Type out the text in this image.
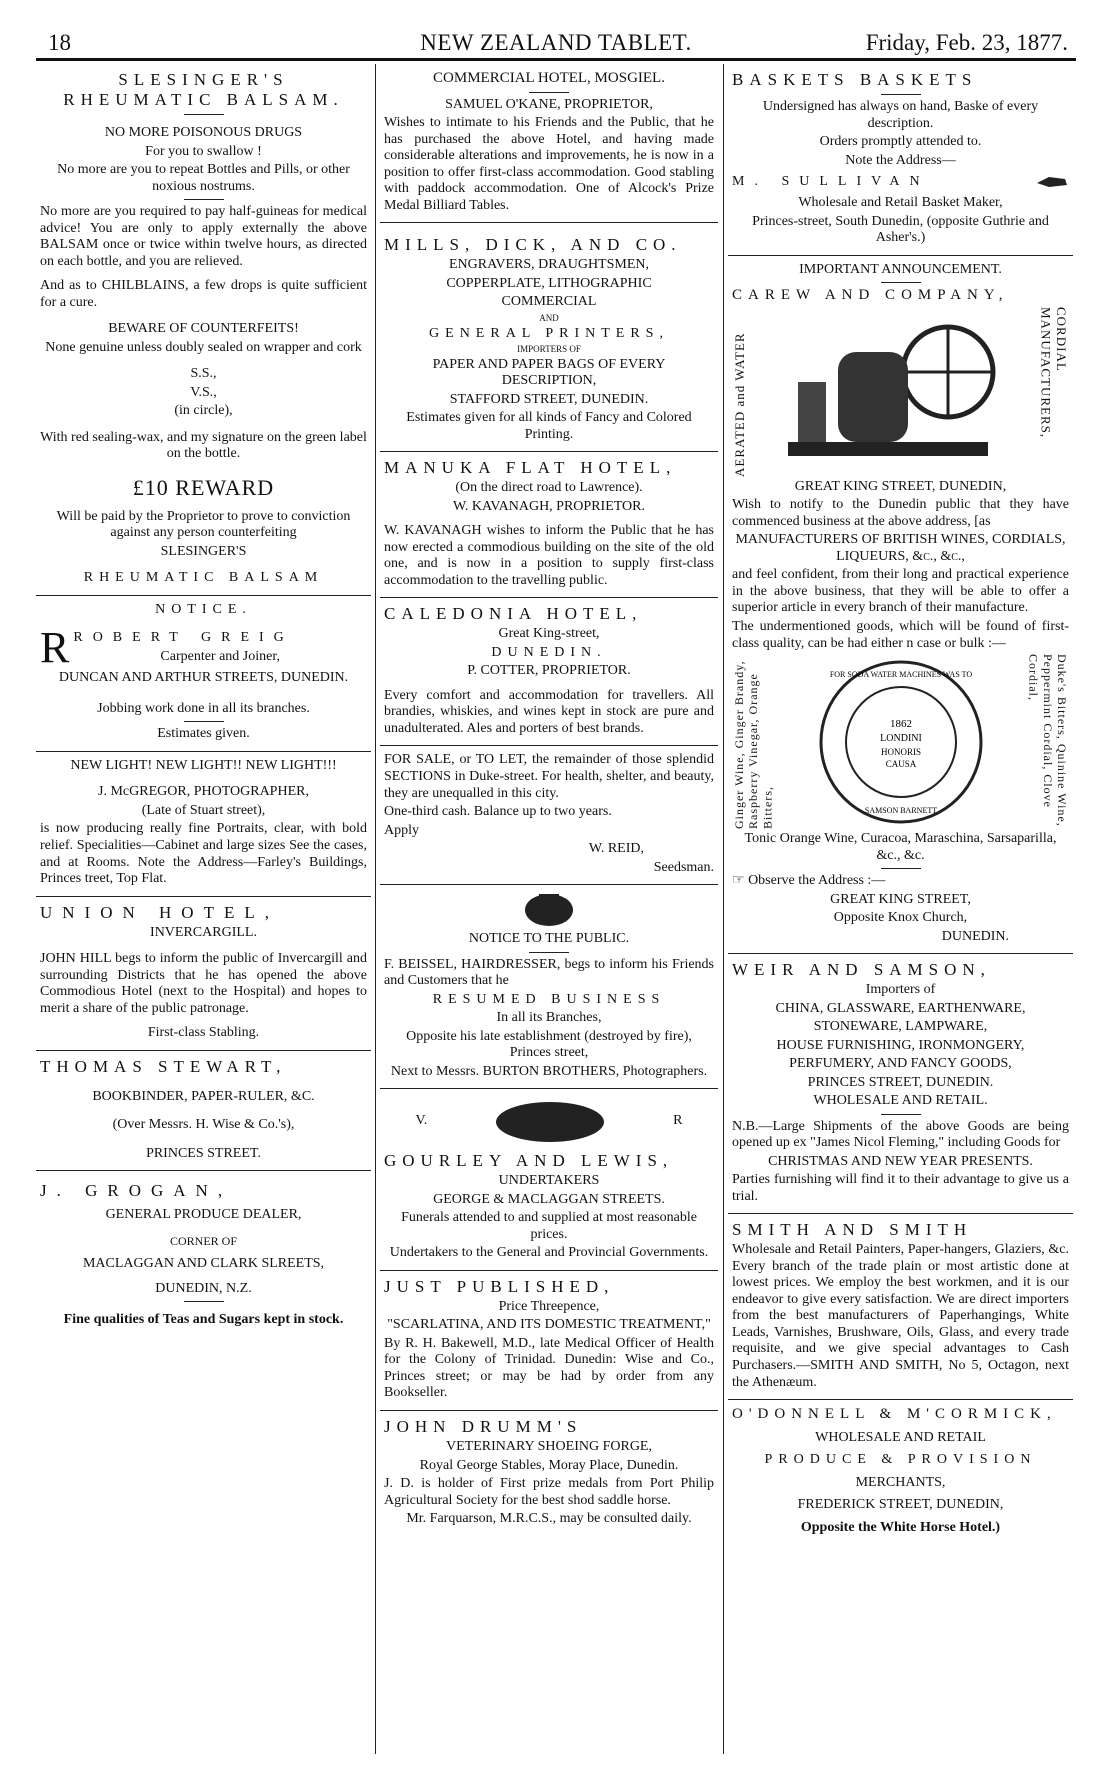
18	NEW ZEALAND TABLET.	Friday, Feb. 23, 1877.

SLESINGER'S RHEUMATIC BALSAM.

NO MORE POISONOUS DRUGS

For you to swallow !

No more are you to repeat Bottles and Pills, or other noxious nostrums.

No more are you required to pay half-guineas for medical advice! You are only to apply externally the above BALSAM once or twice within twelve hours, as directed on each bottle, and you are relieved.

And as to CHILBLAINS, a few drops is quite sufficient for a cure.

BEWARE OF COUNTERFEITS!

None genuine unless doubly sealed on wrapper and cork

S.S.,

V.S.,

(in circle),

With red sealing-wax, and my signature on the green label on the bottle.

£10 REWARD

Will be paid by the Proprietor to prove to conviction against any person counterfeiting

SLESINGER'S

RHEUMATIC BALSAM

NOTICE.

R ROBERT GREIG

Carpenter and Joiner,

DUNCAN AND ARTHUR STREETS, DUNEDIN.

Jobbing work done in all its branches.

Estimates given.

NEW LIGHT! NEW LIGHT!! NEW LIGHT!!!

J. McGREGOR, PHOTOGRAPHER,

(Late of Stuart street),

is now producing really fine Portraits, clear, with bold relief. Specialities—Cabinet and large sizes See the cases, and at Rooms. Note the Address—Farley's Buildings, Princes treet, Top Flat.

UNION HOTEL,

INVERCARGILL.

JOHN HILL begs to inform the public of Invercargill and surrounding Districts that he has opened the above Commodious Hotel (next to the Hospital) and hopes to merit a share of the public patronage.

First-class Stabling.

THOMAS STEWART,

BOOKBINDER, PAPER-RULER, &C.

(Over Messrs. H. Wise & Co.'s),

PRINCES STREET.

J. GROGAN,

GENERAL PRODUCE DEALER,

CORNER OF

MACLAGGAN AND CLARK SLREETS,

DUNEDIN, N.Z.

Fine qualities of Teas and Sugars kept in stock.

COMMERCIAL HOTEL, MOSGIEL.

SAMUEL O'KANE, PROPRIETOR,

Wishes to intimate to his Friends and the Public, that he has purchased the above Hotel, and having made considerable alterations and improvements, he is now in a position to offer first-class accommodation. Good stabling with paddock accommodation. One of Alcock's Prize Medal Billiard Tables.

MILLS, DICK, AND CO.

ENGRAVERS, DRAUGHTSMEN,

COPPERPLATE, LITHOGRAPHIC

COMMERCIAL

AND

GENERAL PRINTERS,

IMPORTERS OF

PAPER AND PAPER BAGS OF EVERY DESCRIPTION,

STAFFORD STREET, DUNEDIN.

Estimates given for all kinds of Fancy and Colored Printing.

MANUKA FLAT HOTEL,

(On the direct road to Lawrence).

W. KAVANAGH, PROPRIETOR.

W. KAVANAGH wishes to inform the Public that he has now erected a commodious building on the site of the old one, and is now in a position to supply first-class accommodation to the travelling public.

CALEDONIA HOTEL,

Great King-street,

DUNEDIN.

P. COTTER, PROPRIETOR.

Every comfort and accommodation for travellers. All brandies, whiskies, and wines kept in stock are pure and unadulterated. Ales and porters of best brands.

FOR SALE, or TO LET, the remainder of those splendid SECTIONS in Duke-street. For health, shelter, and beauty, they are unequalled in this city.

One-third cash. Balance up to two years.

Apply

W. REID,

Seedsman.

NOTICE TO THE PUBLIC.

F. BEISSEL, HAIRDRESSER, begs to inform his Friends and Customers that he

RESUMED BUSINESS

In all its Branches,

Opposite his late establishment (destroyed by fire), Princes street,

Next to Messrs. BURTON BROTHERS, Photographers.

V.	R

GOURLEY AND LEWIS,

UNDERTAKERS

GEORGE & MACLAGGAN STREETS.

Funerals attended to and supplied at most reasonable prices.

Undertakers to the General and Provincial Governments.

JUST PUBLISHED,

Price Threepence,

"SCARLATINA, AND ITS DOMESTIC TREATMENT,"

By R. H. Bakewell, M.D., late Medical Officer of Health for the Colony of Trinidad. Dunedin: Wise and Co., Princes street; or may be had by order from any Bookseller.

JOHN DRUMM'S

VETERINARY SHOEING FORGE,

Royal George Stables, Moray Place, Dunedin.

J. D. is holder of First prize medals from Port Philip Agricultural Society for the best shod saddle horse.

Mr. Farquarson, M.R.C.S., may be consulted daily.

BASKETS BASKETS

Undersigned has always on hand, Baske of every description.

Orders promptly attended to.

Note the Address—

M. SULLIVAN

Wholesale and Retail Basket Maker,

Princes-street, South Dunedin, (opposite Guthrie and Asher's.)

IMPORTANT ANNOUNCEMENT.

CAREW AND COMPANY,

AERATED and WATER	CORDIAL MANUFACTURERS,

GREAT KING STREET, DUNEDIN,

Wish to notify to the Dunedin public that they have commenced business at the above address, [as

MANUFACTURERS OF BRITISH WINES, CORDIALS, LIQUEURS, &c., &c.,

and feel confident, from their long and practical experience in the above business, that they will be able to offer a superior article in every branch of their manufacture.

The undermentioned goods, which will be found of first-class quality, can be had either n case or bulk :—

Ginger Wine, Ginger Brandy, Raspberry Vinegar, Orange Bitters,
FOR SODA WATER MACHINES WAS TO
1862
LONDINI
HONORIS
CAUSA
SAMSON BARNETT	Duke's Bitters, Quinine Wine, Peppermint Cordial, Clove Cordial,

Tonic Orange Wine, Curacoa, Maraschina, Sarsaparilla, &c., &c.

☞ Observe the Address :—

GREAT KING STREET,

Opposite Knox Church,

DUNEDIN.

WEIR AND SAMSON,

Importers of

CHINA, GLASSWARE, EARTHENWARE,

STONEWARE, LAMPWARE,

HOUSE FURNISHING, IRONMONGERY,

PERFUMERY, AND FANCY GOODS,

PRINCES STREET, DUNEDIN.

WHOLESALE AND RETAIL.

N.B.—Large Shipments of the above Goods are being opened up ex "James Nicol Fleming," including Goods for

CHRISTMAS AND NEW YEAR PRESENTS.

Parties furnishing will find it to their advantage to give us a trial.

SMITH AND SMITH

Wholesale and Retail Painters, Paper-hangers, Glaziers, &c. Every branch of the trade plain or most artistic done at lowest prices. We employ the best workmen, and it is our endeavor to give every satisfaction. We are direct importers from the best manufacturers of Paperhangings, White Leads, Varnishes, Brushware, Oils, Glass, and every trade requisite, and we give special advantages to Cash Purchasers.—SMITH AND SMITH, No 5, Octagon, next the Athenæum.

O'DONNELL & M'CORMICK,

WHOLESALE AND RETAIL

PRODUCE & PROVISION

MERCHANTS,

FREDERICK STREET, DUNEDIN,

Opposite the White Horse Hotel.)
